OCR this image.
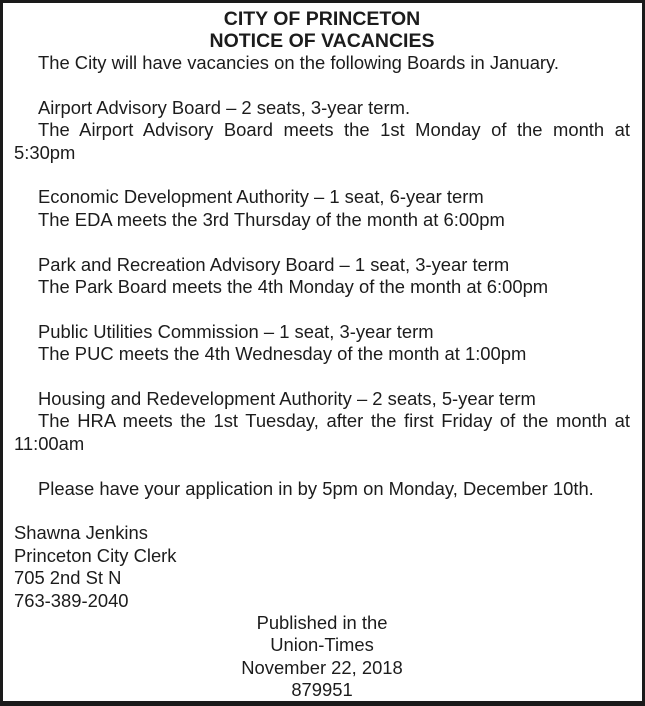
CITY OF PRINCETON
NOTICE OF VACANCIES

The City will have vacancies on the following Boards in January.

Airport Advisory Board – 2 seats, 3-year term.

The Airport Advisory Board meets the 1st Monday of the month at 5:30pm

Economic Development Authority – 1 seat, 6-year term

The EDA meets the 3rd Thursday of the month at 6:00pm

Park and Recreation Advisory Board – 1 seat, 3-year term

The Park Board meets the 4th Monday of the month at 6:00pm

Public Utilities Commission – 1 seat, 3-year term

The PUC meets the 4th Wednesday of the month at 1:00pm

Housing and Redevelopment Authority – 2 seats, 5-year term

The HRA meets the 1st Tuesday, after the first Friday of the month at 11:00am

Please have your application in by 5pm on Monday, December 10th.

Shawna Jenkins

Princeton City Clerk

705 2nd St N

763-389-2040

Published in the

Union-Times

November 22, 2018

879951
